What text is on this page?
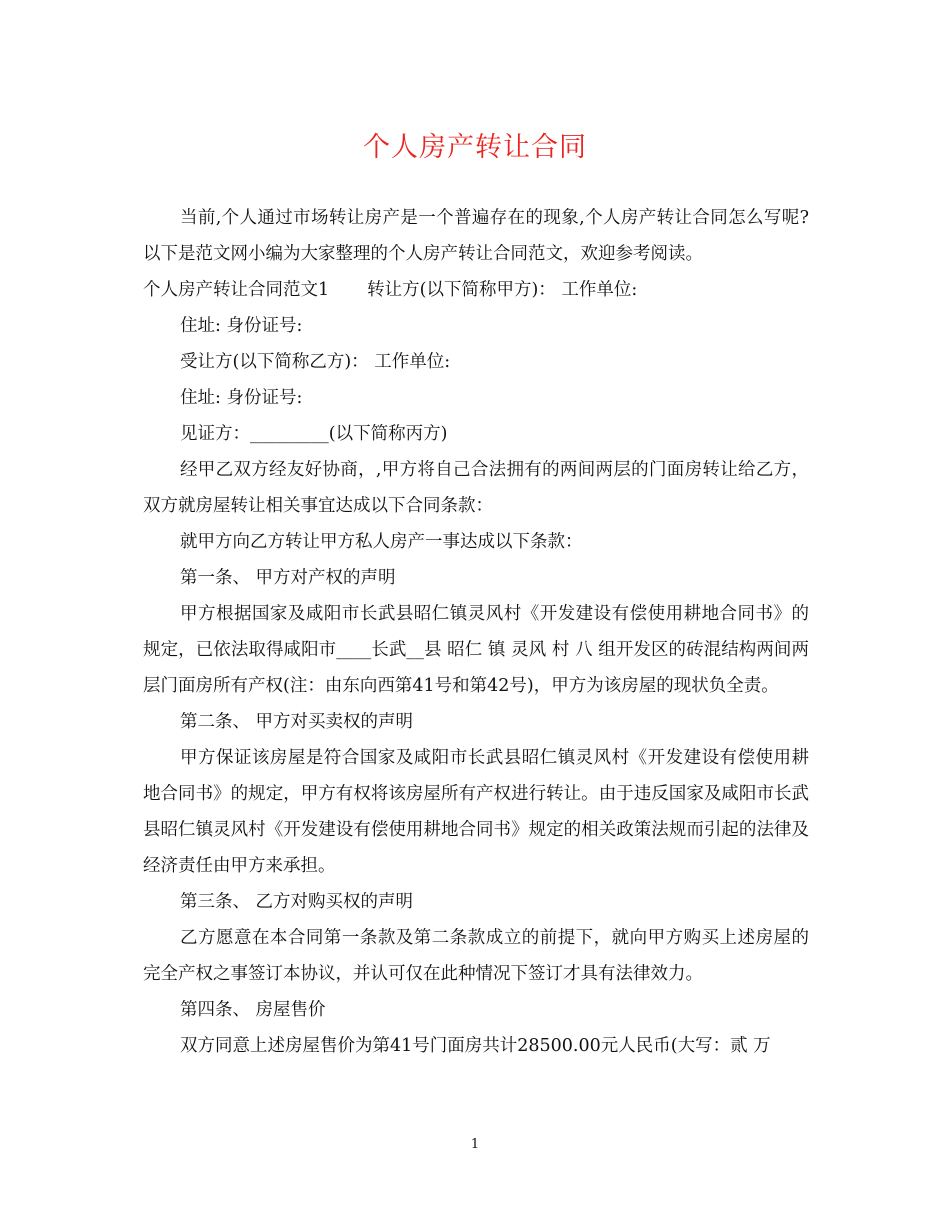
个人房产转让合同

当前,个人通过市场转让房产是一个普遍存在的现象,个人房产转让合同怎么写呢?以下是范文网小编为大家整理的个人房产转让合同范文，欢迎参考阅读。

个人房产转让合同范文1 转让方(以下简称甲方)： 工作单位:

住址: 身份证号:

受让方(以下简称乙方)： 工作单位:

住址: 身份证号:

见证方：_________(以下简称丙方)

经甲乙双方经友好协商，,甲方将自己合法拥有的两间两层的门面房转让给乙方，双方就房屋转让相关事宜达成以下合同条款：

就甲方向乙方转让甲方私人房产一事达成以下条款：

第一条、 甲方对产权的声明

甲方根据国家及咸阳市长武县昭仁镇灵风村《开发建设有偿使用耕地合同书》的规定，已依法取得咸阳市____长武__县 昭仁 镇 灵风 村 八 组开发区的砖混结构两间两层门面房所有产权(注：由东向西第41号和第42号)，甲方为该房屋的现状负全责。

第二条、 甲方对买卖权的声明

甲方保证该房屋是符合国家及咸阳市长武县昭仁镇灵风村《开发建设有偿使用耕地合同书》的规定，甲方有权将该房屋所有产权进行转让。由于违反国家及咸阳市长武县昭仁镇灵风村《开发建设有偿使用耕地合同书》规定的相关政策法规而引起的法律及经济责任由甲方来承担。

第三条、 乙方对购买权的声明

乙方愿意在本合同第一条款及第二条款成立的前提下，就向甲方购买上述房屋的完全产权之事签订本协议，并认可仅在此种情况下签订才具有法律效力。

第四条、 房屋售价

双方同意上述房屋售价为第41号门面房共计28500.00元人民币(大写：贰 万

1
